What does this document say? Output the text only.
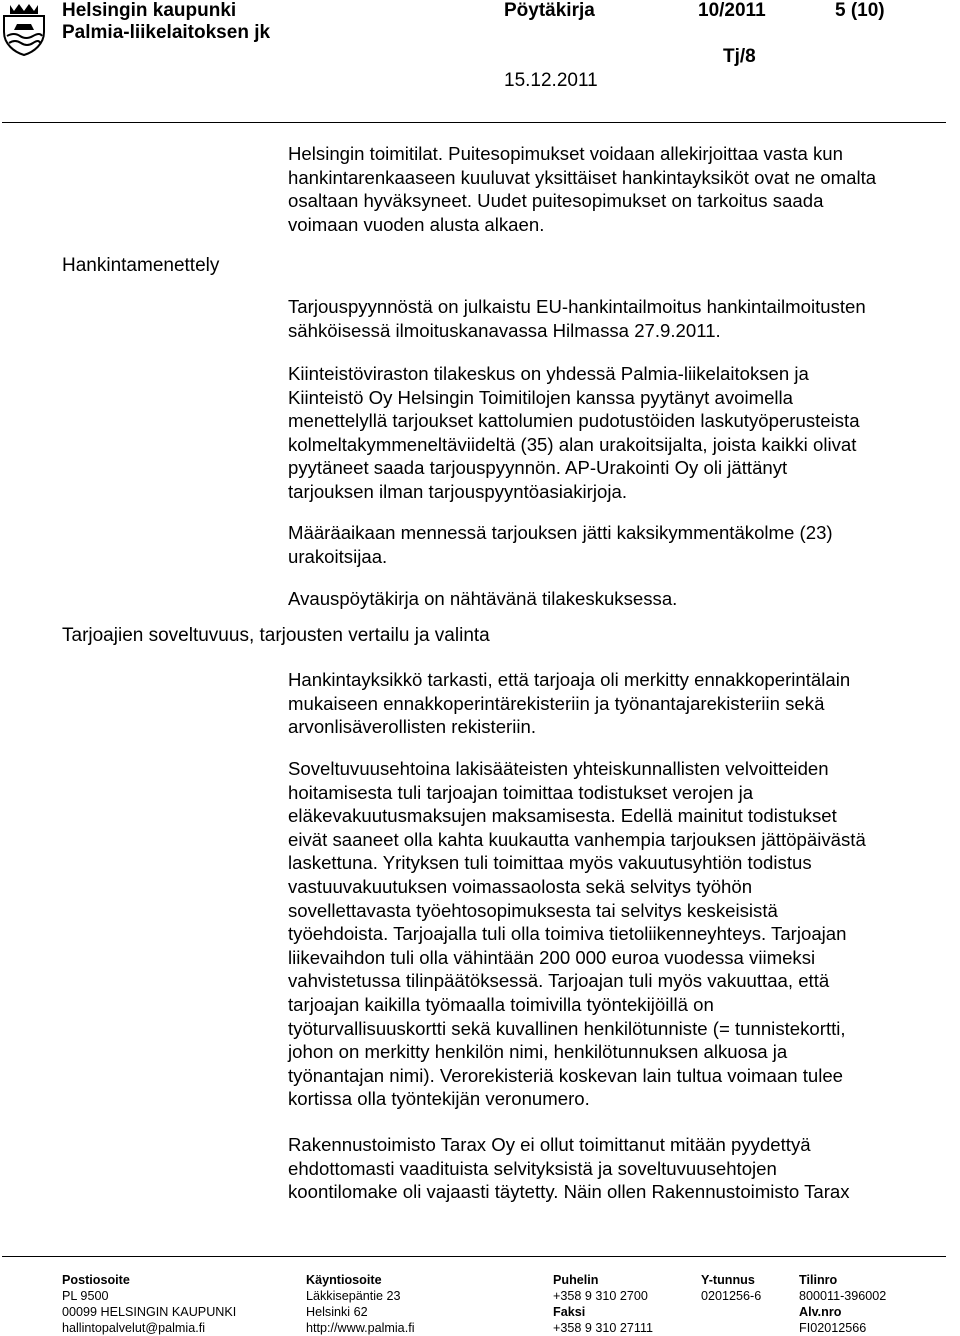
Helsingin kaupunki
Palmia-liikelaitoksen jk
Pöytäkirja	10/2011	5 (10)
Tj/8
15.12.2011
Hankintamenettely
Tarjoajien soveltuvuus, tarjousten vertailu ja valinta
Helsingin toimitilat. Puitesopimukset voidaan allekirjoittaa vasta kun
hankintarenkaaseen kuuluvat yksittäiset hankintayksiköt ovat ne omalta
osaltaan hyväksyneet. Uudet puitesopimukset on tarkoitus saada
voimaan vuoden alusta alkaen.
Tarjouspyynnöstä on julkaistu EU-hankintailmoitus hankintailmoitusten
sähköisessä ilmoituskanavassa Hilmassa 27.9.2011.
Kiinteistöviraston tilakeskus on yhdessä Palmia-liikelaitoksen ja
Kiinteistö Oy Helsingin Toimitilojen kanssa pyytänyt avoimella
menettelyllä tarjoukset kattolumien pudotustöiden laskutyöperusteista
kolmeltakymmeneltäviideltä (35) alan urakoitsijalta, joista kaikki olivat
pyytäneet saada tarjouspyynnön. AP-Urakointi Oy oli jättänyt
tarjouksen ilman tarjouspyyntöasiakirjoja.
Määräaikaan mennessä tarjouksen jätti kaksikymmentäkolme (23)
urakoitsijaa.
Avauspöytäkirja on nähtävänä tilakeskuksessa.
Hankintayksikkö tarkasti, että tarjoaja oli merkitty ennakkoperintälain
mukaiseen ennakkoperintärekisteriin ja työnantajarekisteriin sekä
arvonlisäverollisten rekisteriin.
Soveltuvuusehtoina lakisääteisten yhteiskunnallisten velvoitteiden
hoitamisesta tuli tarjoajan toimittaa todistukset verojen ja
eläkevakuutusmaksujen maksamisesta. Edellä mainitut todistukset
eivät saaneet olla kahta kuukautta vanhempia tarjouksen jättöpäivästä
laskettuna. Yrityksen tuli toimittaa myös vakuutusyhtiön todistus
vastuuvakuutuksen voimassaolosta sekä selvitys työhön
sovellettavasta työehtosopimuksesta tai selvitys keskeisistä
työehdoista. Tarjoajalla tuli olla toimiva tietoliikenneyhteys. Tarjoajan
liikevaihdon tuli olla vähintään 200 000 euroa vuodessa viimeksi
vahvistetussa tilinpäätöksessä. Tarjoajan tuli myös vakuuttaa, että
tarjoajan kaikilla työmaalla toimivilla työntekijöillä on
työturvallisuuskortti sekä kuvallinen henkilötunniste (= tunnistekortti,
johon on merkitty henkilön nimi, henkilötunnuksen alkuosa ja
työnantajan nimi). Verorekisteriä koskevan lain tultua voimaan tulee
kortissa olla työntekijän veronumero.
Rakennustoimisto Tarax Oy ei ollut toimittanut mitään pyydettyä
ehdottomasti vaadituista selvityksistä ja soveltuvuusehtojen
koontilomake oli vajaasti täytetty. Näin ollen Rakennustoimisto Tarax
Postiosoite
PL 9500
00099 HELSINGIN KAUPUNKI
hallintopalvelut@palmia.fi
Käyntiosoite
Läkkisepäntie 23
Helsinki 62
http://www.palmia.fi
Puhelin
+358 9 310 2700
Faksi
+358 9 310 27111
Y-tunnus
0201256-6
Tilinro
800011-396002
Alv.nro
FI02012566
